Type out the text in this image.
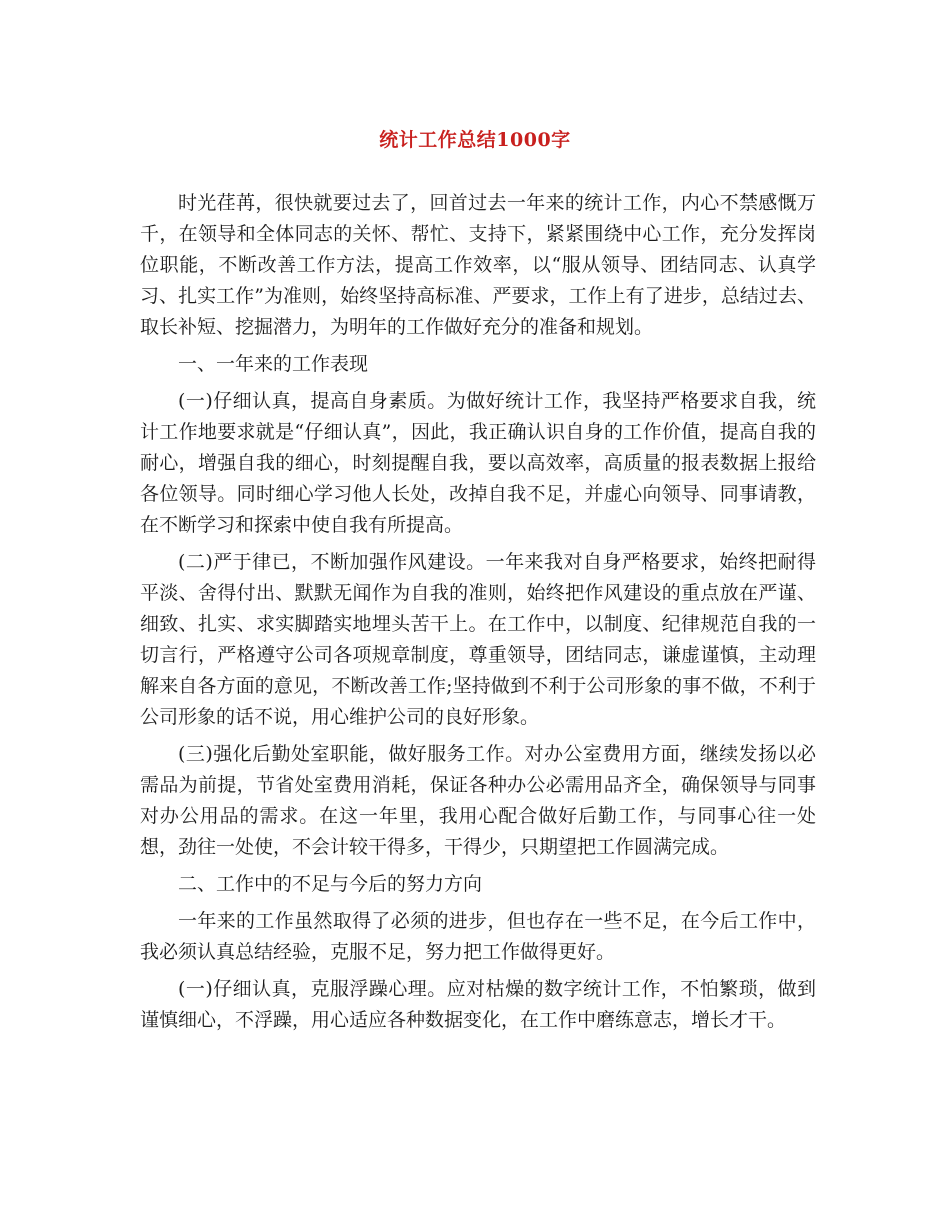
统计工作总结1000字

时光荏苒，很快就要过去了，回首过去一年来的统计工作，内心不禁感慨万千，在领导和全体同志的关怀、帮忙、支持下，紧紧围绕中心工作，充分发挥岗位职能，不断改善工作方法，提高工作效率，以“服从领导、团结同志、认真学习、扎实工作”为准则，始终坚持高标准、严要求，工作上有了进步，总结过去、取长补短、挖掘潜力，为明年的工作做好充分的准备和规划。

一、一年来的工作表现

(一)仔细认真，提高自身素质。为做好统计工作，我坚持严格要求自我，统计工作地要求就是“仔细认真”，因此，我正确认识自身的工作价值，提高自我的耐心，增强自我的细心，时刻提醒自我，要以高效率，高质量的报表数据上报给各位领导。同时细心学习他人长处，改掉自我不足，并虚心向领导、同事请教，在不断学习和探索中使自我有所提高。

(二)严于律已，不断加强作风建设。一年来我对自身严格要求，始终把耐得平淡、舍得付出、默默无闻作为自我的准则，始终把作风建设的重点放在严谨、细致、扎实、求实脚踏实地埋头苦干上。在工作中，以制度、纪律规范自我的一切言行，严格遵守公司各项规章制度，尊重领导，团结同志，谦虚谨慎，主动理解来自各方面的意见，不断改善工作;坚持做到不利于公司形象的事不做，不利于公司形象的话不说，用心维护公司的良好形象。

(三)强化后勤处室职能，做好服务工作。对办公室费用方面，继续发扬以必需品为前提，节省处室费用消耗，保证各种办公必需用品齐全，确保领导与同事对办公用品的需求。在这一年里，我用心配合做好后勤工作，与同事心往一处想，劲往一处使，不会计较干得多，干得少，只期望把工作圆满完成。

二、工作中的不足与今后的努力方向

一年来的工作虽然取得了必须的进步，但也存在一些不足，在今后工作中，我必须认真总结经验，克服不足，努力把工作做得更好。

(一)仔细认真，克服浮躁心理。应对枯燥的数字统计工作，不怕繁琐，做到谨慎细心，不浮躁，用心适应各种数据变化，在工作中磨练意志，增长才干。
